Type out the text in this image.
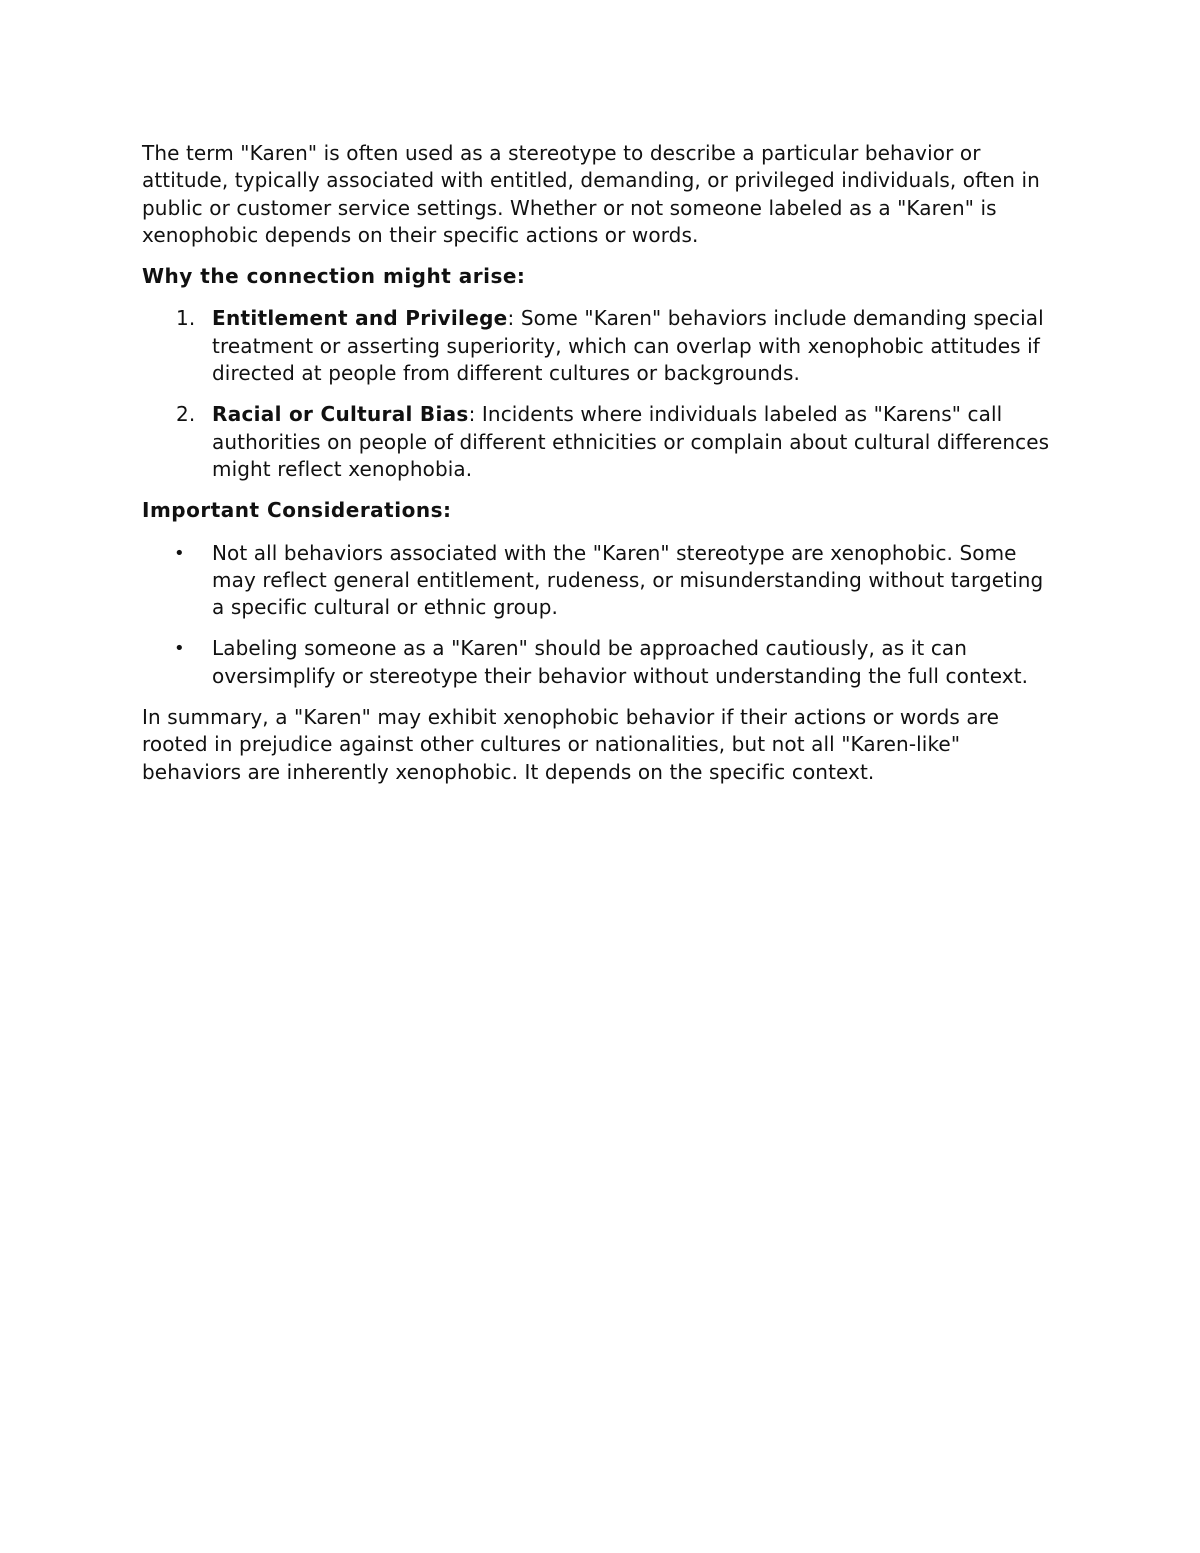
The term "Karen" is often used as a stereotype to describe a particular behavior or attitude, typically associated with entitled, demanding, or privileged individuals, often in public or customer service settings. Whether or not someone labeled as a "Karen" is xenophobic depends on their specific actions or words.

Why the connection might arise:

1. Entitlement and Privilege: Some "Karen" behaviors include demanding special treatment or asserting superiority, which can overlap with xenophobic attitudes if directed at people from different cultures or backgrounds.
2. Racial or Cultural Bias: Incidents where individuals labeled as "Karens" call authorities on people of different ethnicities or complain about cultural differences might reflect xenophobia.

Important Considerations:

• Not all behaviors associated with the "Karen" stereotype are xenophobic. Some may reflect general entitlement, rudeness, or misunderstanding without targeting a specific cultural or ethnic group.
• Labeling someone as a "Karen" should be approached cautiously, as it can oversimplify or stereotype their behavior without understanding the full context.

In summary, a "Karen" may exhibit xenophobic behavior if their actions or words are rooted in prejudice against other cultures or nationalities, but not all "Karen-like" behaviors are inherently xenophobic. It depends on the specific context.
